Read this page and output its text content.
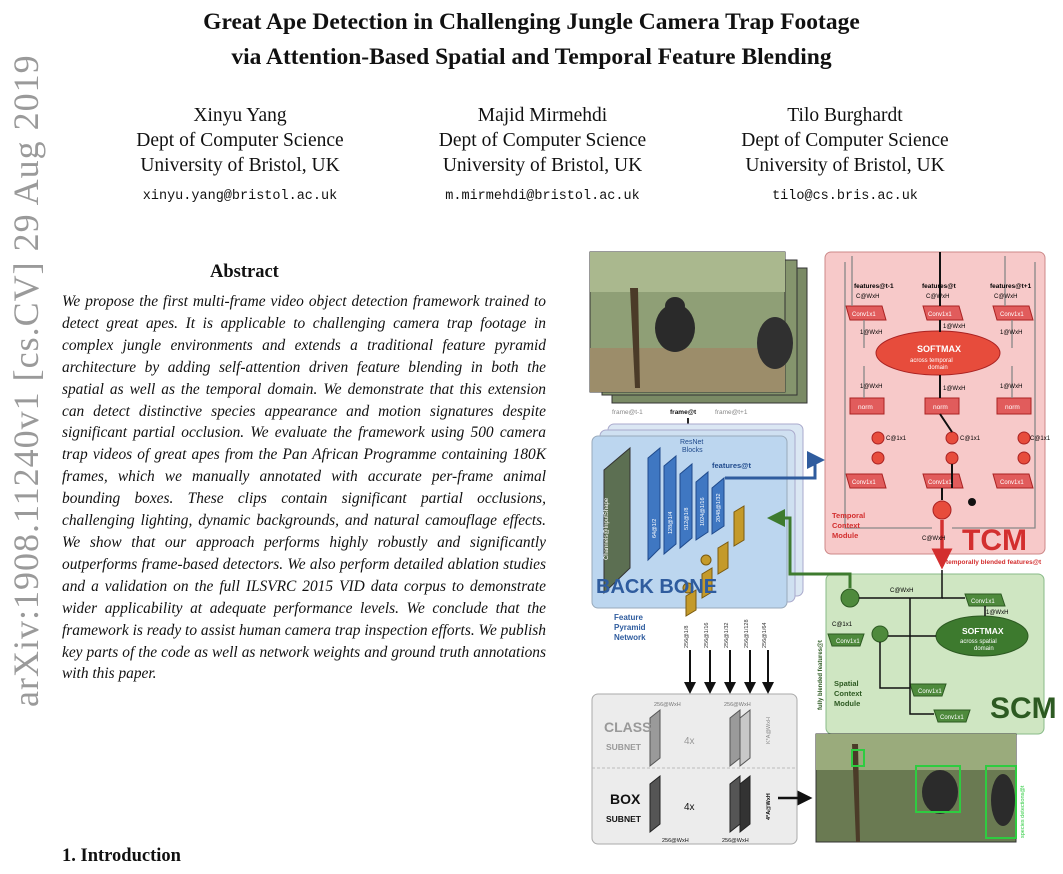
arXiv:1908.11240v1 [cs.CV] 29 Aug 2019
Great Ape Detection in Challenging Jungle Camera Trap Footage
via Attention-Based Spatial and Temporal Feature Blending
Xinyu Yang
Dept of Computer Science
University of Bristol, UK
xinyu.yang@bristol.ac.uk
Majid Mirmehdi
Dept of Computer Science
University of Bristol, UK
m.mirmehdi@bristol.ac.uk
Tilo Burghardt
Dept of Computer Science
University of Bristol, UK
tilo@cs.bris.ac.uk
Abstract
We propose the first multi-frame video object detection framework trained to detect great apes. It is applicable to challenging camera trap footage in complex jungle environments and extends a traditional feature pyramid architecture by adding self-attention driven feature blending in both the spatial as well as the temporal domain. We demonstrate that this extension can detect distinctive species appearance and motion signatures despite significant partial occlusion. We evaluate the framework using 500 camera trap videos of great apes from the Pan African Programme containing 180K frames, which we manually annotated with accurate per-frame animal bounding boxes. These clips contain significant partial occlusions, challenging lighting, dynamic backgrounds, and natural camouflage effects. We show that our approach performs highly robustly and significantly outperforms frame-based detectors. We also perform detailed ablation studies and a validation on the full ILSVRC 2015 VID data corpus to demonstrate wider applicability at adequate performance levels. We conclude that the framework is ready to assist human camera trap inspection efforts. We publish key parts of the code as well as network weights and ground truth annotations with this paper.
1. Introduction
frame@t-1	frame@t	frame@t+1
Channels@InputShape
ResNet
Blocks
features@t
64@1/2 128@1/4 512@1/8 1024@1/16 2048@1/32
BACK BONE
Feature
Pyramid
Network	256@1/8	256@1/16	256@1/32	256@1/128 256@1/64
TCM
Temporal
Context
Module
SOFTMAX
across temporal
domain
features@t-1	features@t	features@t+1
C@WxH	C@WxH	C@WxH
Conv1x1	Conv1x1	Conv1x1
1@WxH
1@WxH
1@WxH
1@WxH	1@WxH	1@WxH
norm	norm	norm
C@1x1	C@1x1	C@1x1
Conv1x1	Conv1x1	Conv1x1
C@WxH
temporally blended features@t
SCM
Spatial
Context
Module
SOFTMAX
across spatial
domain
Conv1x1
Conv1x1
Conv1x1
Conv1x1
C@WxH
C@1x1
1@WxH
fully blended features@t
CLASS
SUBNET
BOX
SUBNET
4x
4x
256@WxH	256@WxH
256@WxH	256@WxH
K*A@WxH
4*A@WxH	species detections@t
